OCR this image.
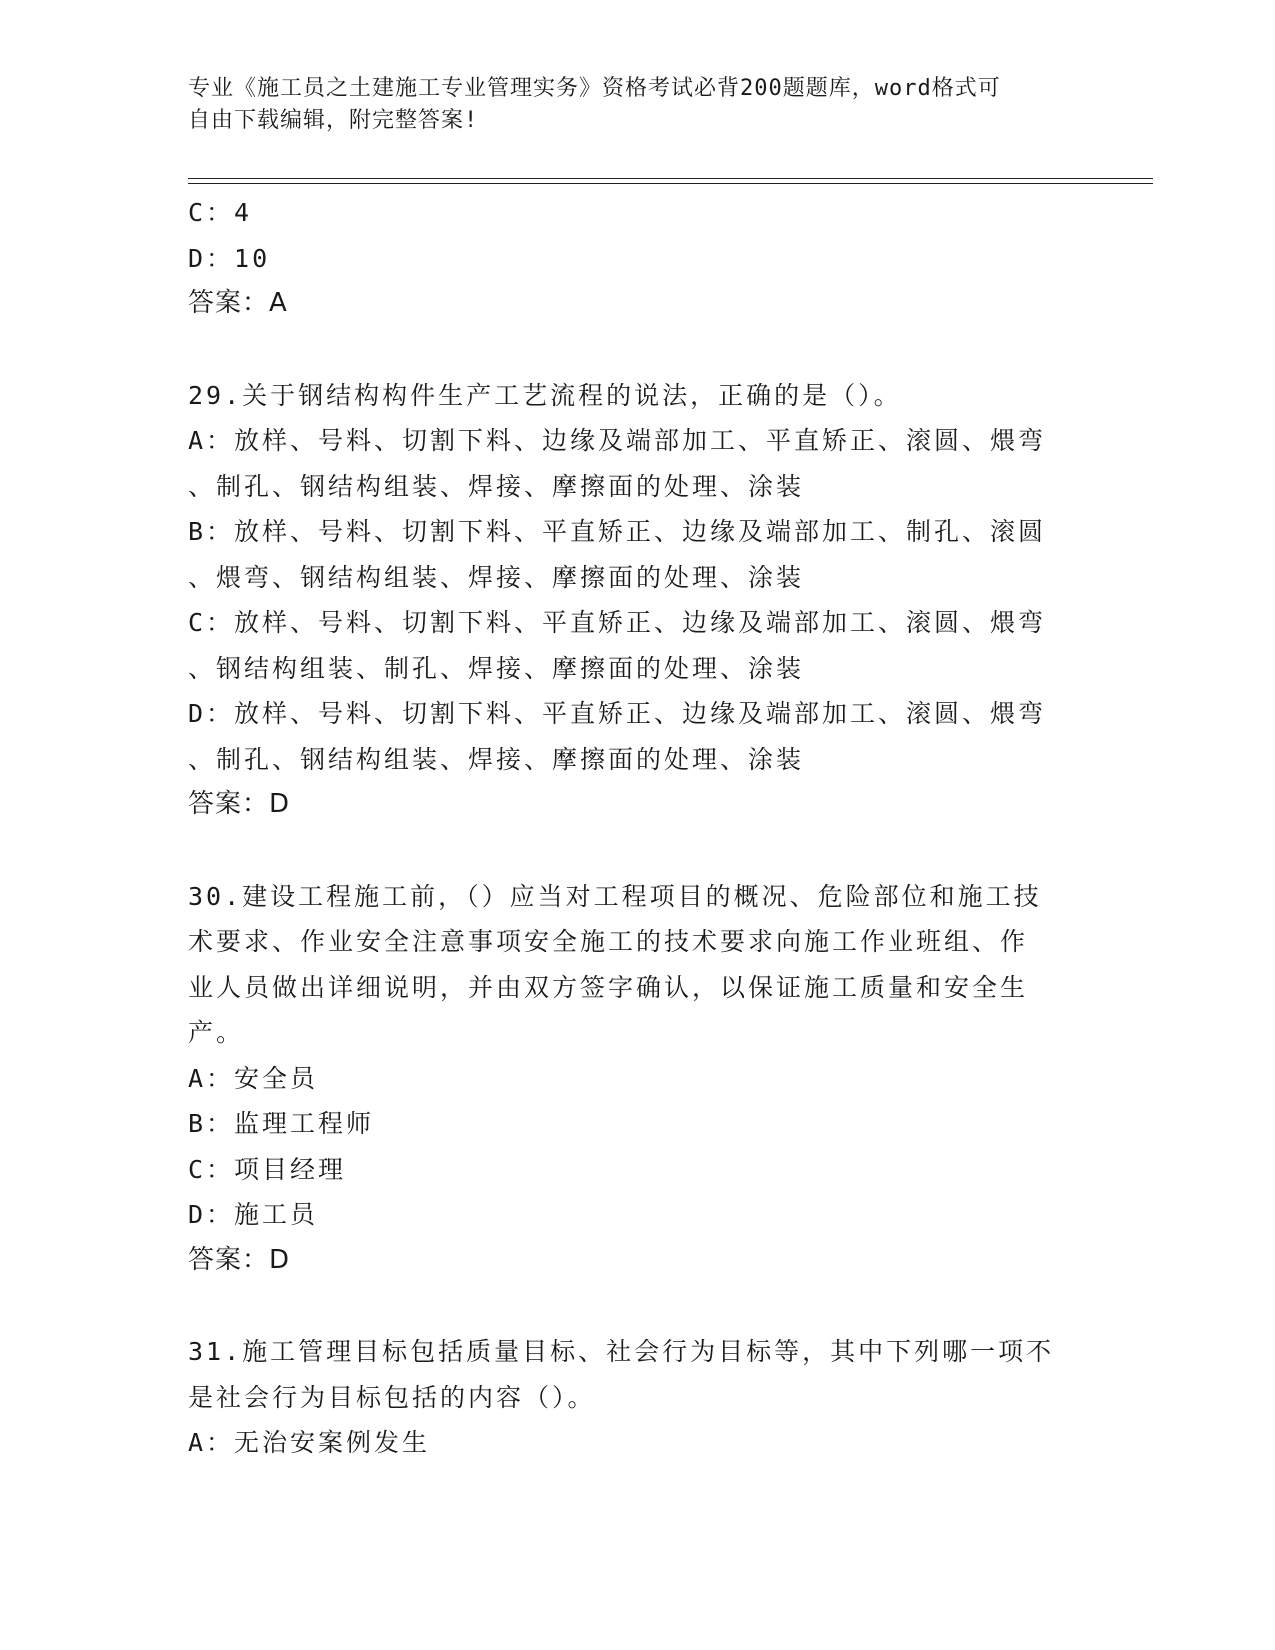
专业《施工员之土建施工专业管理实务》资格考试必背200题题库，word格式可
自由下载编辑，附完整答案!
C：4
D：10
答案：A
29.关于钢结构构件生产工艺流程的说法，正确的是（）。
A：放样、号料、切割下料、边缘及端部加工、平直矫正、滚圆、煨弯
、制孔、钢结构组装、焊接、摩擦面的处理、涂装
B：放样、号料、切割下料、平直矫正、边缘及端部加工、制孔、滚圆
、煨弯、钢结构组装、焊接、摩擦面的处理、涂装
C：放样、号料、切割下料、平直矫正、边缘及端部加工、滚圆、煨弯
、钢结构组装、制孔、焊接、摩擦面的处理、涂装
D：放样、号料、切割下料、平直矫正、边缘及端部加工、滚圆、煨弯
、制孔、钢结构组装、焊接、摩擦面的处理、涂装
答案：D
30.建设工程施工前，（）应当对工程项目的概况、危险部位和施工技
术要求、作业安全注意事项安全施工的技术要求向施工作业班组、作
业人员做出详细说明，并由双方签字确认，以保证施工质量和安全生
产。
A：安全员
B：监理工程师
C：项目经理
D：施工员
答案：D
31.施工管理目标包括质量目标、社会行为目标等，其中下列哪一项不
是社会行为目标包括的内容（）。
A：无治安案例发生
